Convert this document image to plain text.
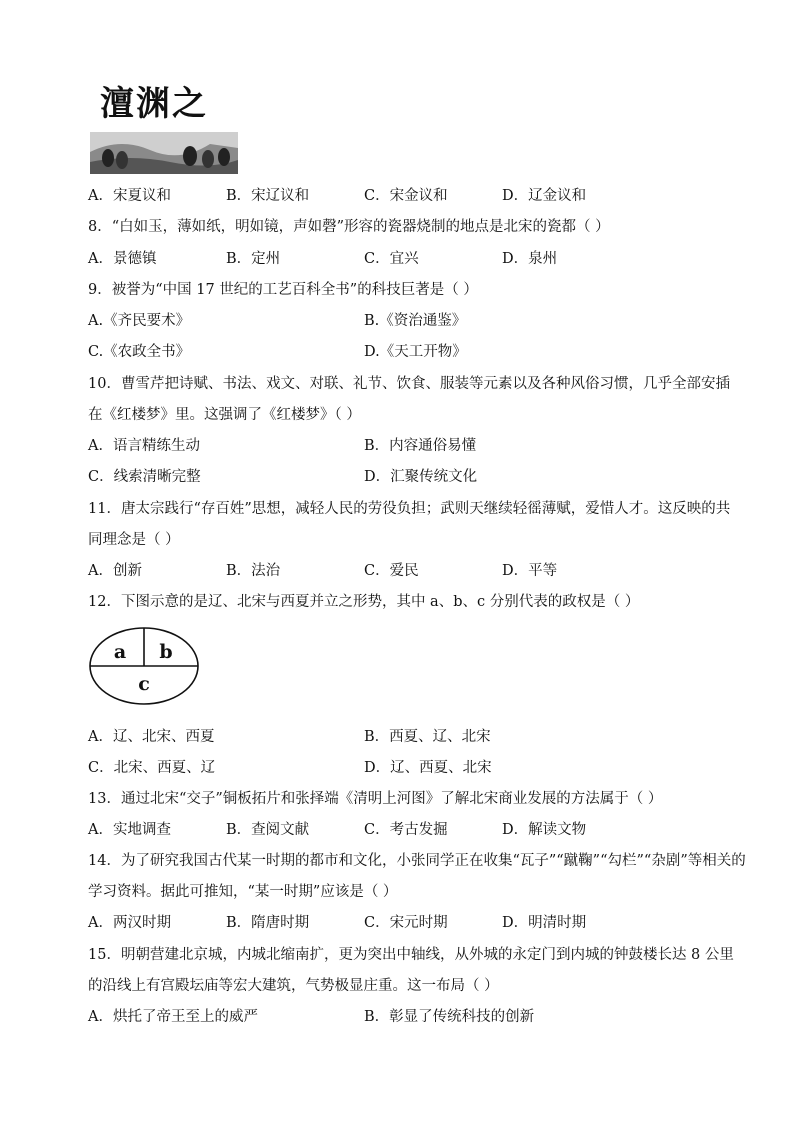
澶渊之
A．宋夏议和	B．宋辽议和	C．宋金议和	D．辽金议和
8．“白如玉，薄如纸，明如镜，声如磬”形容的瓷器烧制的地点是北宋的瓷都（ ）
A．景德镇	B．定州	C．宜兴	D．泉州
9．被誉为“中国 17 世纪的工艺百科全书”的科技巨著是（ ）
A.《齐民要术》	B.《资治通鉴》
C.《农政全书》	D.《天工开物》
10．曹雪芹把诗赋、书法、戏文、对联、礼节、饮食、服装等元素以及各种风俗习惯，几乎全部安插
在《红楼梦》里。这强调了《红楼梦》（ ）
A．语言精练生动	B．内容通俗易懂
C．线索清晰完整	D．汇聚传统文化
11．唐太宗践行“存百姓”思想，减轻人民的劳役负担；武则天继续轻徭薄赋，爱惜人才。这反映的共
同理念是（ ）
A．创新	B．法治	C．爱民	D．平等
12．下图示意的是辽、北宋与西夏并立之形势，其中 a、b、c 分别代表的政权是（ ）
a b
c
A．辽、北宋、西夏	B．西夏、辽、北宋
C．北宋、西夏、辽	D．辽、西夏、北宋
13．通过北宋“交子”铜板拓片和张择端《清明上河图》了解北宋商业发展的方法属于（ ）
A．实地调查	B．查阅文献	C．考古发掘	D．解读文物
14．为了研究我国古代某一时期的都市和文化，小张同学正在收集“瓦子”“蹴鞠”“勾栏”“杂剧”等相关的
学习资料。据此可推知，“某一时期”应该是（ ）
A．两汉时期	B．隋唐时期	C．宋元时期	D．明清时期
15．明朝营建北京城，内城北缩南扩，更为突出中轴线，从外城的永定门到内城的钟鼓楼长达 8 公里
的沿线上有宫殿坛庙等宏大建筑，气势极显庄重。这一布局（ ）
A．烘托了帝王至上的威严	B．彰显了传统科技的创新
